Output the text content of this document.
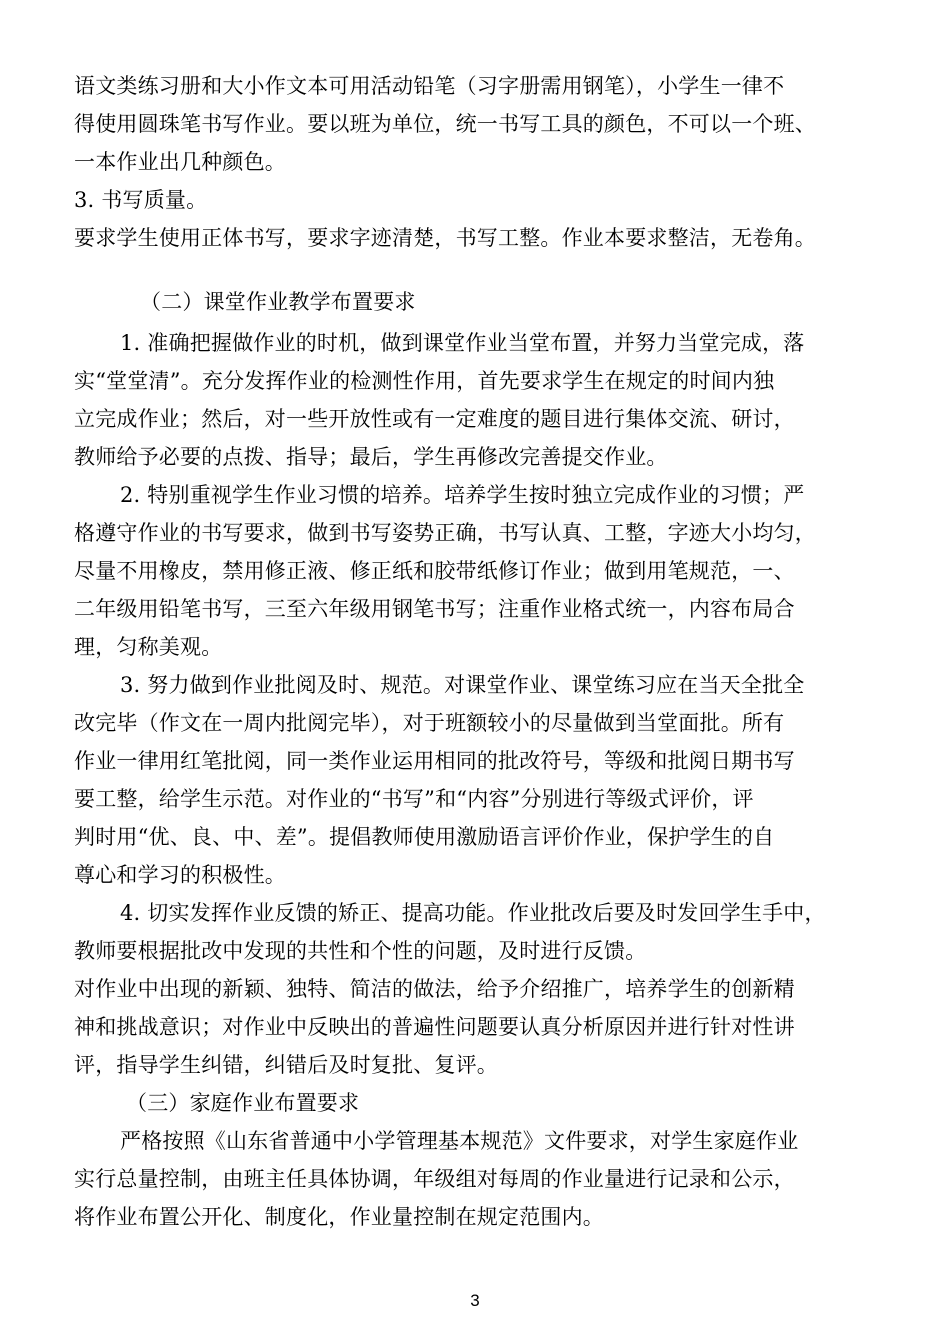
语文类练习册和大小作文本可用活动铅笔（习字册需用钢笔），小学生一律不
得使用圆珠笔书写作业。要以班为单位，统一书写工具的颜色，不可以一个班、
一本作业出几种颜色。
3. 书写质量。
要求学生使用正体书写，要求字迹清楚，书写工整。作业本要求整洁，无卷角。
（二）课堂作业教学布置要求
1. 准确把握做作业的时机，做到课堂作业当堂布置，并努力当堂完成，落
实“堂堂清”。充分发挥作业的检测性作用，首先要求学生在规定的时间内独
立完成作业；然后，对一些开放性或有一定难度的题目进行集体交流、研讨，
教师给予必要的点拨、指导；最后，学生再修改完善提交作业。
2. 特别重视学生作业习惯的培养。培养学生按时独立完成作业的习惯；严
格遵守作业的书写要求，做到书写姿势正确，书写认真、工整，字迹大小均匀，
尽量不用橡皮，禁用修正液、修正纸和胶带纸修订作业；做到用笔规范，一、
二年级用铅笔书写，三至六年级用钢笔书写；注重作业格式统一，内容布局合
理，匀称美观。
3. 努力做到作业批阅及时、规范。对课堂作业、课堂练习应在当天全批全
改完毕（作文在一周内批阅完毕），对于班额较小的尽量做到当堂面批。所有
作业一律用红笔批阅，同一类作业运用相同的批改符号，等级和批阅日期书写
要工整，给学生示范。对作业的“书写”和“内容”分别进行等级式评价，评
判时用“优、良、中、差”。提倡教师使用激励语言评价作业，保护学生的自
尊心和学习的积极性。
4. 切实发挥作业反馈的矫正、提高功能。作业批改后要及时发回学生手中，
教师要根据批改中发现的共性和个性的问题，及时进行反馈。
对作业中出现的新颖、独特、简洁的做法，给予介绍推广，培养学生的创新精
神和挑战意识；对作业中反映出的普遍性问题要认真分析原因并进行针对性讲
评，指导学生纠错，纠错后及时复批、复评。
（三）家庭作业布置要求
严格按照《山东省普通中小学管理基本规范》文件要求，对学生家庭作业
实行总量控制，由班主任具体协调，年级组对每周的作业量进行记录和公示，
将作业布置公开化、制度化，作业量控制在规定范围内。
3
